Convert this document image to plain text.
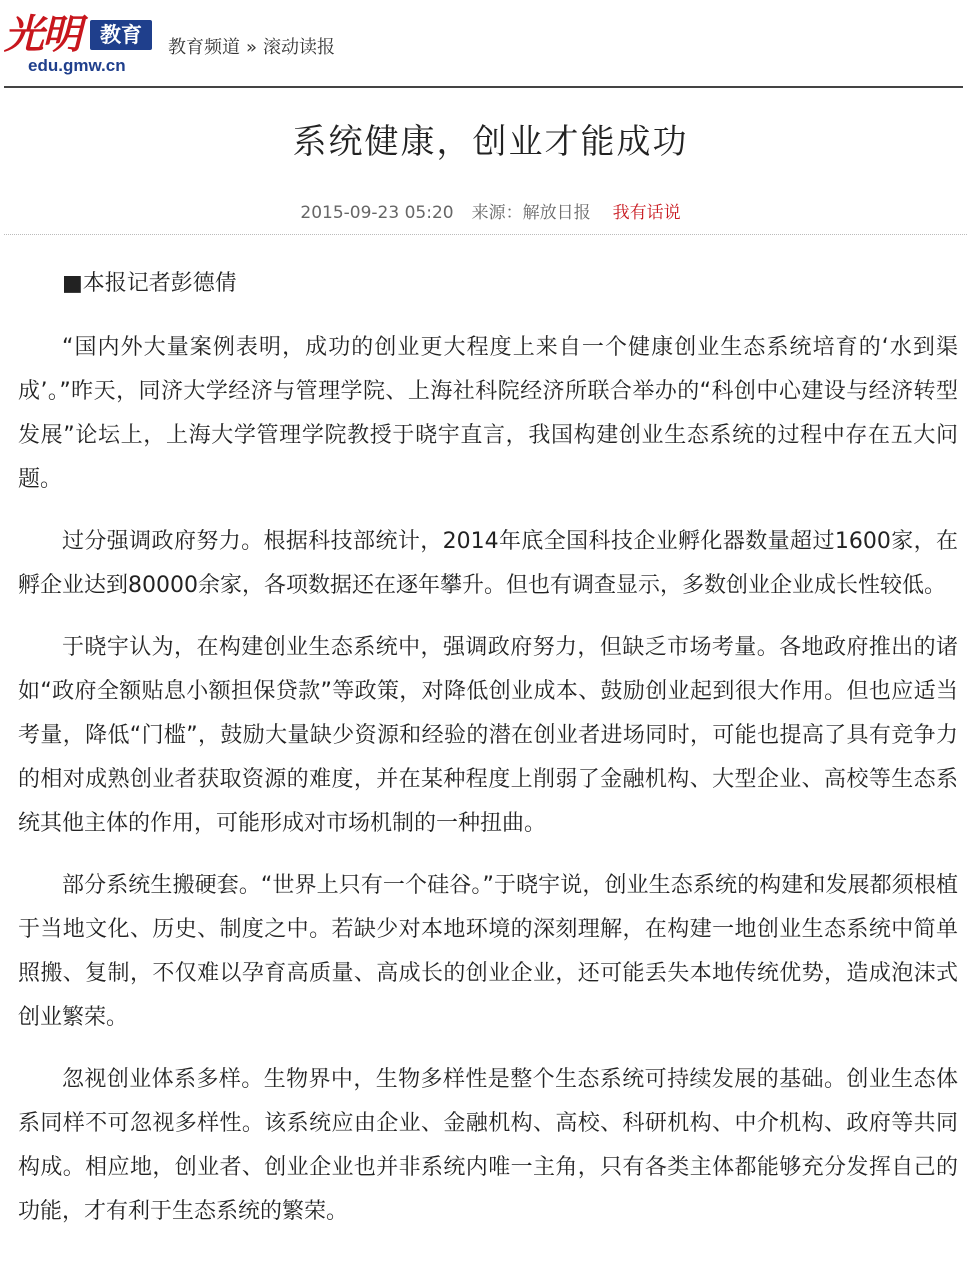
光明 教育
edu.gmw.cn
教育频道 » 滚动读报
系统健康，创业才能成功
2015-09-23 05:20 来源：解放日报 我有话说

■本报记者彭德倩

“国内外大量案例表明，成功的创业更大程度上来自一个健康创业生态系统培育的‘水到渠成’。”昨天，同济大学经济与管理学院、上海社科院经济所联合举办的“科创中心建设与经济转型发展”论坛上，上海大学管理学院教授于晓宇直言，我国构建创业生态系统的过程中存在五大问题。

过分强调政府努力。根据科技部统计，2014年底全国科技企业孵化器数量超过1600家，在孵企业达到80000余家，各项数据还在逐年攀升。但也有调查显示，多数创业企业成长性较低。

于晓宇认为，在构建创业生态系统中，强调政府努力，但缺乏市场考量。各地政府推出的诸如“政府全额贴息小额担保贷款”等政策，对降低创业成本、鼓励创业起到很大作用。但也应适当考量，降低“门槛”，鼓励大量缺少资源和经验的潜在创业者进场同时，可能也提高了具有竞争力的相对成熟创业者获取资源的难度，并在某种程度上削弱了金融机构、大型企业、高校等生态系统其他主体的作用，可能形成对市场机制的一种扭曲。

部分系统生搬硬套。“世界上只有一个硅谷。”于晓宇说，创业生态系统的构建和发展都须根植于当地文化、历史、制度之中。若缺少对本地环境的深刻理解，在构建一地创业生态系统中简单照搬、复制，不仅难以孕育高质量、高成长的创业企业，还可能丢失本地传统优势，造成泡沫式创业繁荣。

忽视创业体系多样。生物界中，生物多样性是整个生态系统可持续发展的基础。创业生态体系同样不可忽视多样性。该系统应由企业、金融机构、高校、科研机构、中介机构、政府等共同构成。相应地，创业者、创业企业也并非系统内唯一主角，只有各类主体都能够充分发挥自己的功能，才有利于生态系统的繁荣。
